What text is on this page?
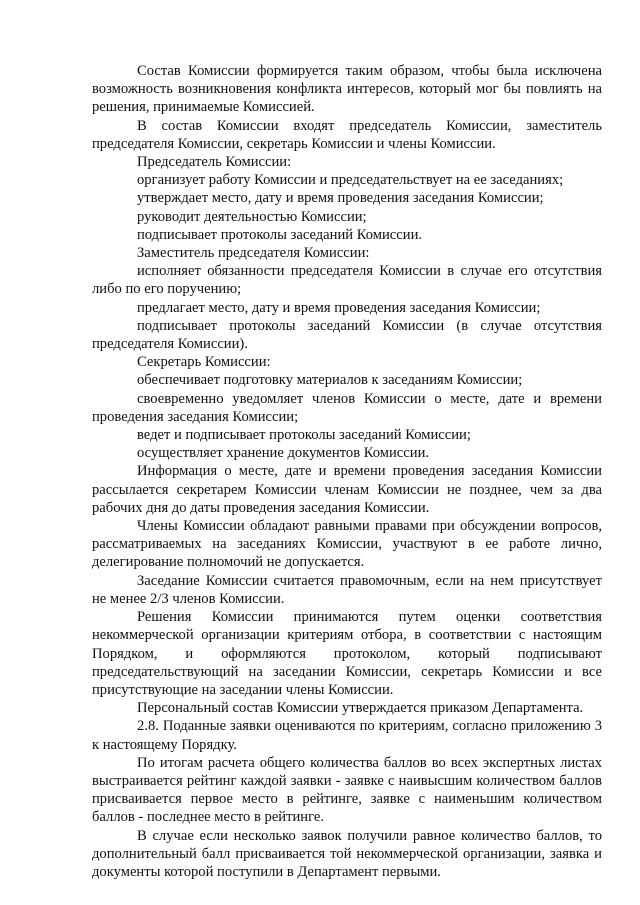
Состав Комиссии формируется таким образом, чтобы была исключена возможность возникновения конфликта интересов, который мог бы повлиять на решения, принимаемые Комиссией.

В состав Комиссии входят председатель Комиссии, заместитель председателя Комиссии, секретарь Комиссии и члены Комиссии.

Председатель Комиссии:

организует работу Комиссии и председательствует на ее заседаниях;

утверждает место, дату и время проведения заседания Комиссии;

руководит деятельностью Комиссии;

подписывает протоколы заседаний Комиссии.

Заместитель председателя Комиссии:

исполняет обязанности председателя Комиссии в случае его отсутствия либо по его поручению;

предлагает место, дату и время проведения заседания Комиссии;

подписывает протоколы заседаний Комиссии (в случае отсутствия председателя Комиссии).

Секретарь Комиссии:

обеспечивает подготовку материалов к заседаниям Комиссии;

своевременно уведомляет членов Комиссии о месте, дате и времени проведения заседания Комиссии;

ведет и подписывает протоколы заседаний Комиссии;

осуществляет хранение документов Комиссии.

Информация о месте, дате и времени проведения заседания Комиссии рассылается секретарем Комиссии членам Комиссии не позднее, чем за два рабочих дня до даты проведения заседания Комиссии.

Члены Комиссии обладают равными правами при обсуждении вопросов, рассматриваемых на заседаниях Комиссии, участвуют в ее работе лично, делегирование полномочий не допускается.

Заседание Комиссии считается правомочным, если на нем присутствует не менее 2/3 членов Комиссии.

Решения Комиссии принимаются путем оценки соответствия некоммерческой организации критериям отбора, в соответствии с настоящим Порядком, и оформляются протоколом, который подписывают председательствующий на заседании Комиссии, секретарь Комиссии и все присутствующие на заседании члены Комиссии.

Персональный состав Комиссии утверждается приказом Департамента.

2.8. Поданные заявки оцениваются по критериям, согласно приложению 3 к настоящему Порядку.

По итогам расчета общего количества баллов во всех экспертных листах выстраивается рейтинг каждой заявки - заявке с наивысшим количеством баллов присваивается первое место в рейтинге, заявке с наименьшим количеством баллов - последнее место в рейтинге.

В случае если несколько заявок получили равное количество баллов, то дополнительный балл присваивается той некоммерческой организации, заявка и документы которой поступили в Департамент первыми.
